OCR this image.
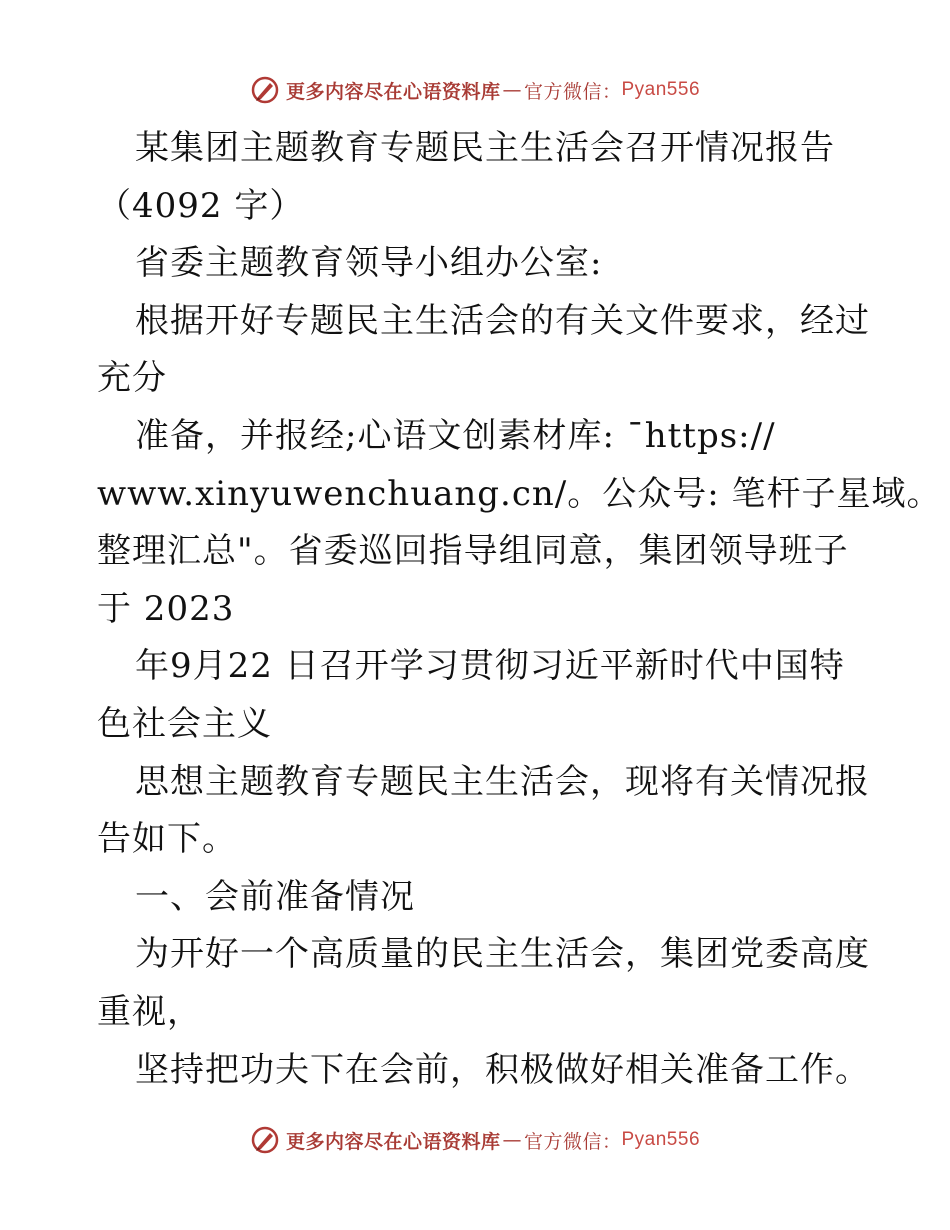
更多内容尽在心语资料库 — 官方微信： Pyan556
某集团主题教育专题民主生活会召开情况报告
（4092 字）
省委主题教育领导小组办公室:
根据开好专题民主生活会的有关文件要求，经过
充分
准备，并报经;心语文创素材库: ¯https://
www.xinyuwenchuang.cn/。公众号: 笔杆子星域。
整理汇总"。省委巡回指导组同意，集团领导班子
于 2023
年9月22 日召开学习贯彻习近平新时代中国特
色社会主义
思想主题教育专题民主生活会，现将有关情况报
告如下。
一、会前准备情况
为开好一个高质量的民主生活会，集团党委高度
重视，
坚持把功夫下在会前，积极做好相关准备工作。
更多内容尽在心语资料库 — 官方微信： Pyan556
